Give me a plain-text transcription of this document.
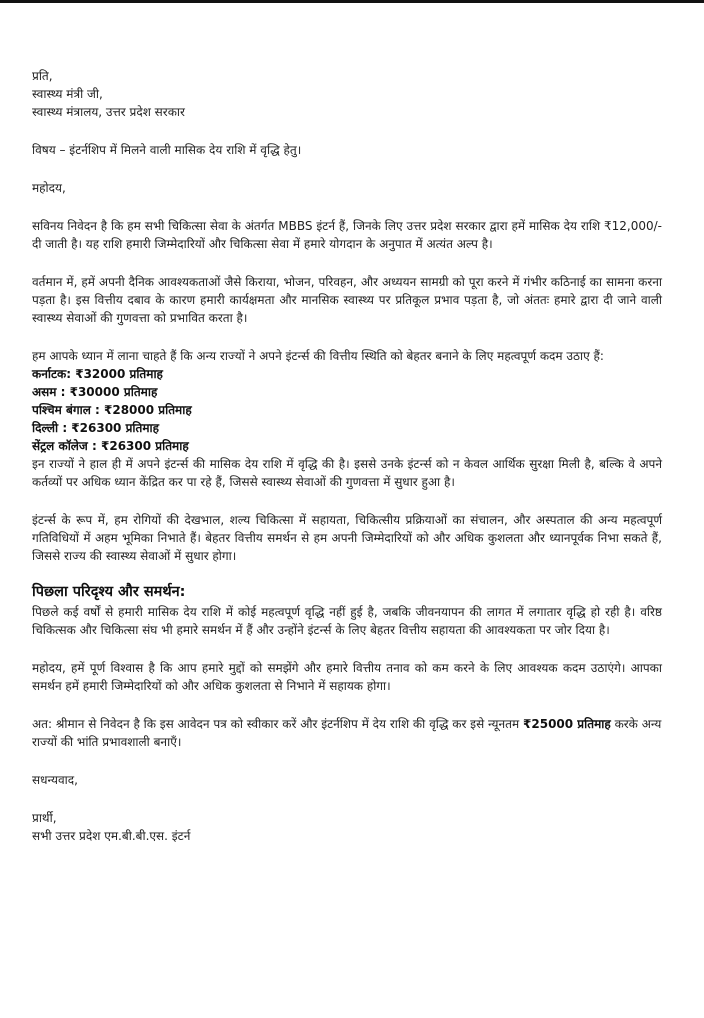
प्रति,
स्वास्थ्य मंत्री जी,
स्वास्थ्य मंत्रालय, उत्तर प्रदेश सरकार

विषय – इंटर्नशिप में मिलने वाली मासिक देय राशि में वृद्धि हेतु।

महोदय,

सविनय निवेदन है कि हम सभी चिकित्सा सेवा के अंतर्गत MBBS इंटर्न हैं, जिनके लिए उत्तर प्रदेश सरकार द्वारा हमें मासिक देय राशि ₹12,000/- दी जाती है। यह राशि हमारी जिम्मेदारियों और चिकित्सा सेवा में हमारे योगदान के अनुपात में अत्यंत अल्प है।

वर्तमान में, हमें अपनी दैनिक आवश्यकताओं जैसे किराया, भोजन, परिवहन, और अध्ययन सामग्री को पूरा करने में गंभीर कठिनाई का सामना करना पड़ता है। इस वित्तीय दबाव के कारण हमारी कार्यक्षमता और मानसिक स्वास्थ्य पर प्रतिकूल प्रभाव पड़ता है, जो अंततः हमारे द्वारा दी जाने वाली स्वास्थ्य सेवाओं की गुणवत्ता को प्रभावित करता है।

हम आपके ध्यान में लाना चाहते हैं कि अन्य राज्यों ने अपने इंटर्न्स की वित्तीय स्थिति को बेहतर बनाने के लिए महत्वपूर्ण कदम उठाए हैं:

कर्नाटक: ₹32000 प्रतिमाह
असम : ₹30000 प्रतिमाह
पश्चिम बंगाल : ₹28000 प्रतिमाह
दिल्ली : ₹26300 प्रतिमाह
सेंट्रल कॉलेज : ₹26300 प्रतिमाह

इन राज्यों ने हाल ही में अपने इंटर्न्स की मासिक देय राशि में वृद्धि की है। इससे उनके इंटर्न्स को न केवल आर्थिक सुरक्षा मिली है, बल्कि वे अपने कर्तव्यों पर अधिक ध्यान केंद्रित कर पा रहे हैं, जिससे स्वास्थ्य सेवाओं की गुणवत्ता में सुधार हुआ है।

इंटर्न्स के रूप में, हम रोगियों की देखभाल, शल्य चिकित्सा में सहायता, चिकित्सीय प्रक्रियाओं का संचालन, और अस्पताल की अन्य महत्वपूर्ण गतिविधियों में अहम भूमिका निभाते हैं। बेहतर वित्तीय समर्थन से हम अपनी जिम्मेदारियों को और अधिक कुशलता और ध्यानपूर्वक निभा सकते हैं, जिससे राज्य की स्वास्थ्य सेवाओं में सुधार होगा।

पिछला परिदृश्य और समर्थन:

पिछले कई वर्षों से हमारी मासिक देय राशि में कोई महत्वपूर्ण वृद्धि नहीं हुई है, जबकि जीवनयापन की लागत में लगातार वृद्धि हो रही है। वरिष्ठ चिकित्सक और चिकित्सा संघ भी हमारे समर्थन में हैं और उन्होंने इंटर्न्स के लिए बेहतर वित्तीय सहायता की आवश्यकता पर जोर दिया है।

महोदय, हमें पूर्ण विश्वास है कि आप हमारे मुद्दों को समझेंगे और हमारे वित्तीय तनाव को कम करने के लिए आवश्यक कदम उठाएंगे। आपका समर्थन हमें हमारी जिम्मेदारियों को और अधिक कुशलता से निभाने में सहायक होगा।

अत: श्रीमान से निवेदन है कि इस आवेदन पत्र को स्वीकार करें और इंटर्नशिप में देय राशि की वृद्धि कर इसे न्यूनतम ₹25000 प्रतिमाह करके अन्य राज्यों की भांति प्रभावशाली बनाएँ।

सधन्यवाद,

प्रार्थी,

सभी उत्तर प्रदेश एम.बी.बी.एस. इंटर्न
